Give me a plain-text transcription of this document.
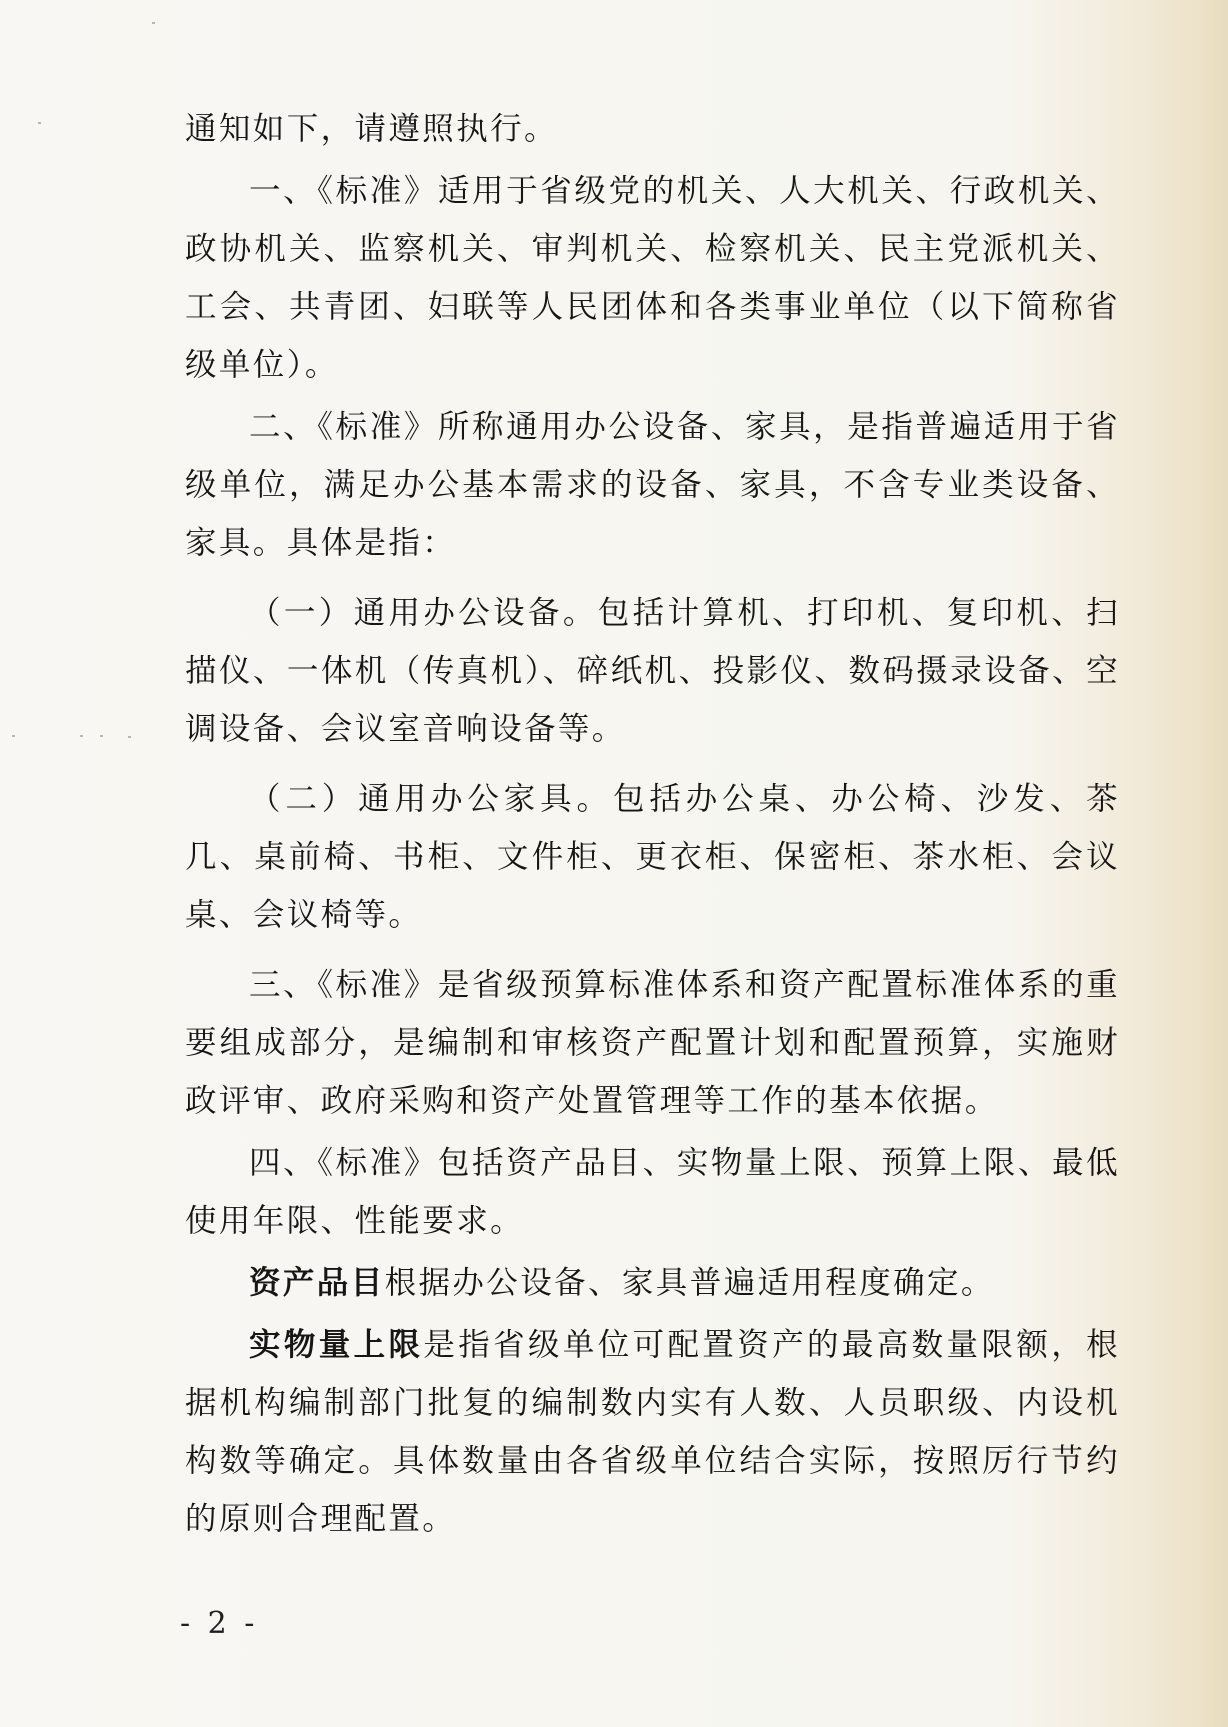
通知如下，请遵照执行。

一、《标准》适用于省级党的机关、人大机关、行政机关、政协机关、监察机关、审判机关、检察机关、民主党派机关、工会、共青团、妇联等人民团体和各类事业单位（以下简称省级单位）。

二、《标准》所称通用办公设备、家具，是指普遍适用于省级单位，满足办公基本需求的设备、家具，不含专业类设备、家具。具体是指：

（一）通用办公设备。包括计算机、打印机、复印机、扫描仪、一体机（传真机）、碎纸机、投影仪、数码摄录设备、空调设备、会议室音响设备等。

（二）通用办公家具。包括办公桌、办公椅、沙发、茶几、桌前椅、书柜、文件柜、更衣柜、保密柜、茶水柜、会议桌、会议椅等。

三、《标准》是省级预算标准体系和资产配置标准体系的重要组成部分，是编制和审核资产配置计划和配置预算，实施财政评审、政府采购和资产处置管理等工作的基本依据。

四、《标准》包括资产品目、实物量上限、预算上限、最低使用年限、性能要求。

资产品目根据办公设备、家具普遍适用程度确定。

实物量上限是指省级单位可配置资产的最高数量限额，根据机构编制部门批复的编制数内实有人数、人员职级、内设机构数等确定。具体数量由各省级单位结合实际，按照厉行节约的原则合理配置。

- 2 -
